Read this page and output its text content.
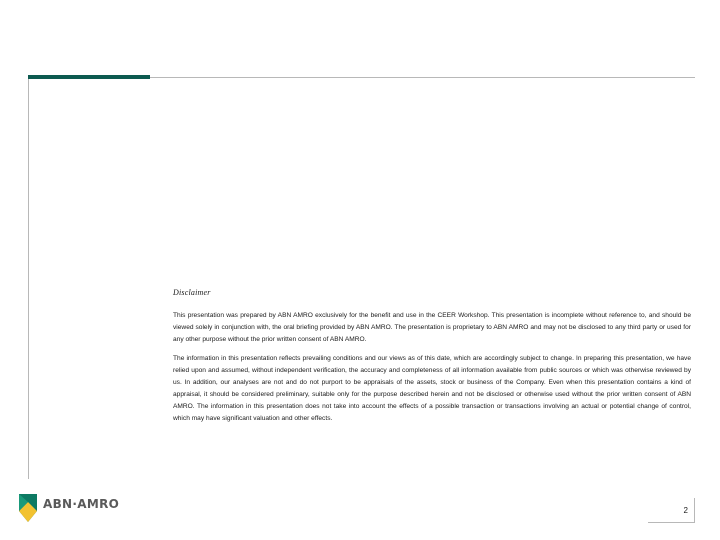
Disclaimer

This presentation was prepared by ABN AMRO exclusively for the benefit and use in the CEER Workshop. This presentation is incomplete without reference to, and should be viewed solely in conjunction with, the oral briefing provided by ABN AMRO. The presentation is proprietary to ABN AMRO and may not be disclosed to any third party or used for any other purpose without the prior written consent of ABN AMRO.

The information in this presentation reflects prevailing conditions and our views as of this date, which are accordingly subject to change. In preparing this presentation, we have relied upon and assumed, without independent verification, the accuracy and completeness of all information available from public sources or which was otherwise reviewed by us. In addition, our analyses are not and do not purport to be appraisals of the assets, stock or business of the Company. Even when this presentation contains a kind of appraisal, it should be considered preliminary, suitable only for the purpose described herein and not be disclosed or otherwise used without the prior written consent of ABN AMRO. The information in this presentation does not take into account the effects of a possible transaction or transactions involving an actual or potential change of control, which may have significant valuation and other effects.

ABN·AMRO	2
